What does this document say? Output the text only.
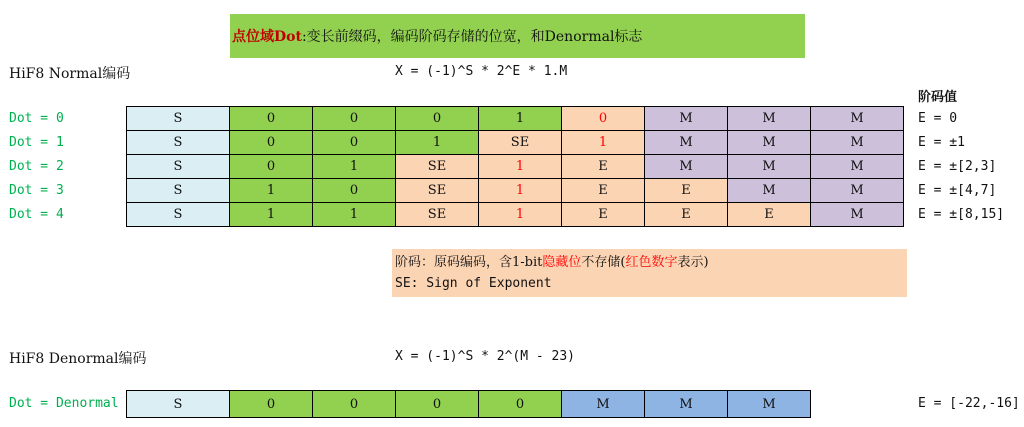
点位域Dot :变长前缀码，编码阶码存储的位宽，和Denormal标志
HiF8 Normal编码	X = (-1)^S * 2^E * 1.M
阶码值
Dot = 0	S	0	0	0	1	0	M	M	M	E = 0
Dot = 1	S	0	0	1	SE	1	M	M	M	E = ±1
Dot = 2	S	0	1	SE	1	E	M	M	M	E = ±[2,3]
Dot = 3	S	1	0	SE	1	E	E	M	M	E = ±[4,7]
Dot = 4	S	1	1	SE	1	E	E	E	M	E = ±[8,15]
阶码：原码编码，含1-bit隐藏位不存储(红色数字表示)
SE: Sign of Exponent
HiF8 Denormal编码	X = (-1)^S * 2^(M - 23)
Dot = Denormal	S	0	0	0	0	M	M	M	E = [-22,-16]
